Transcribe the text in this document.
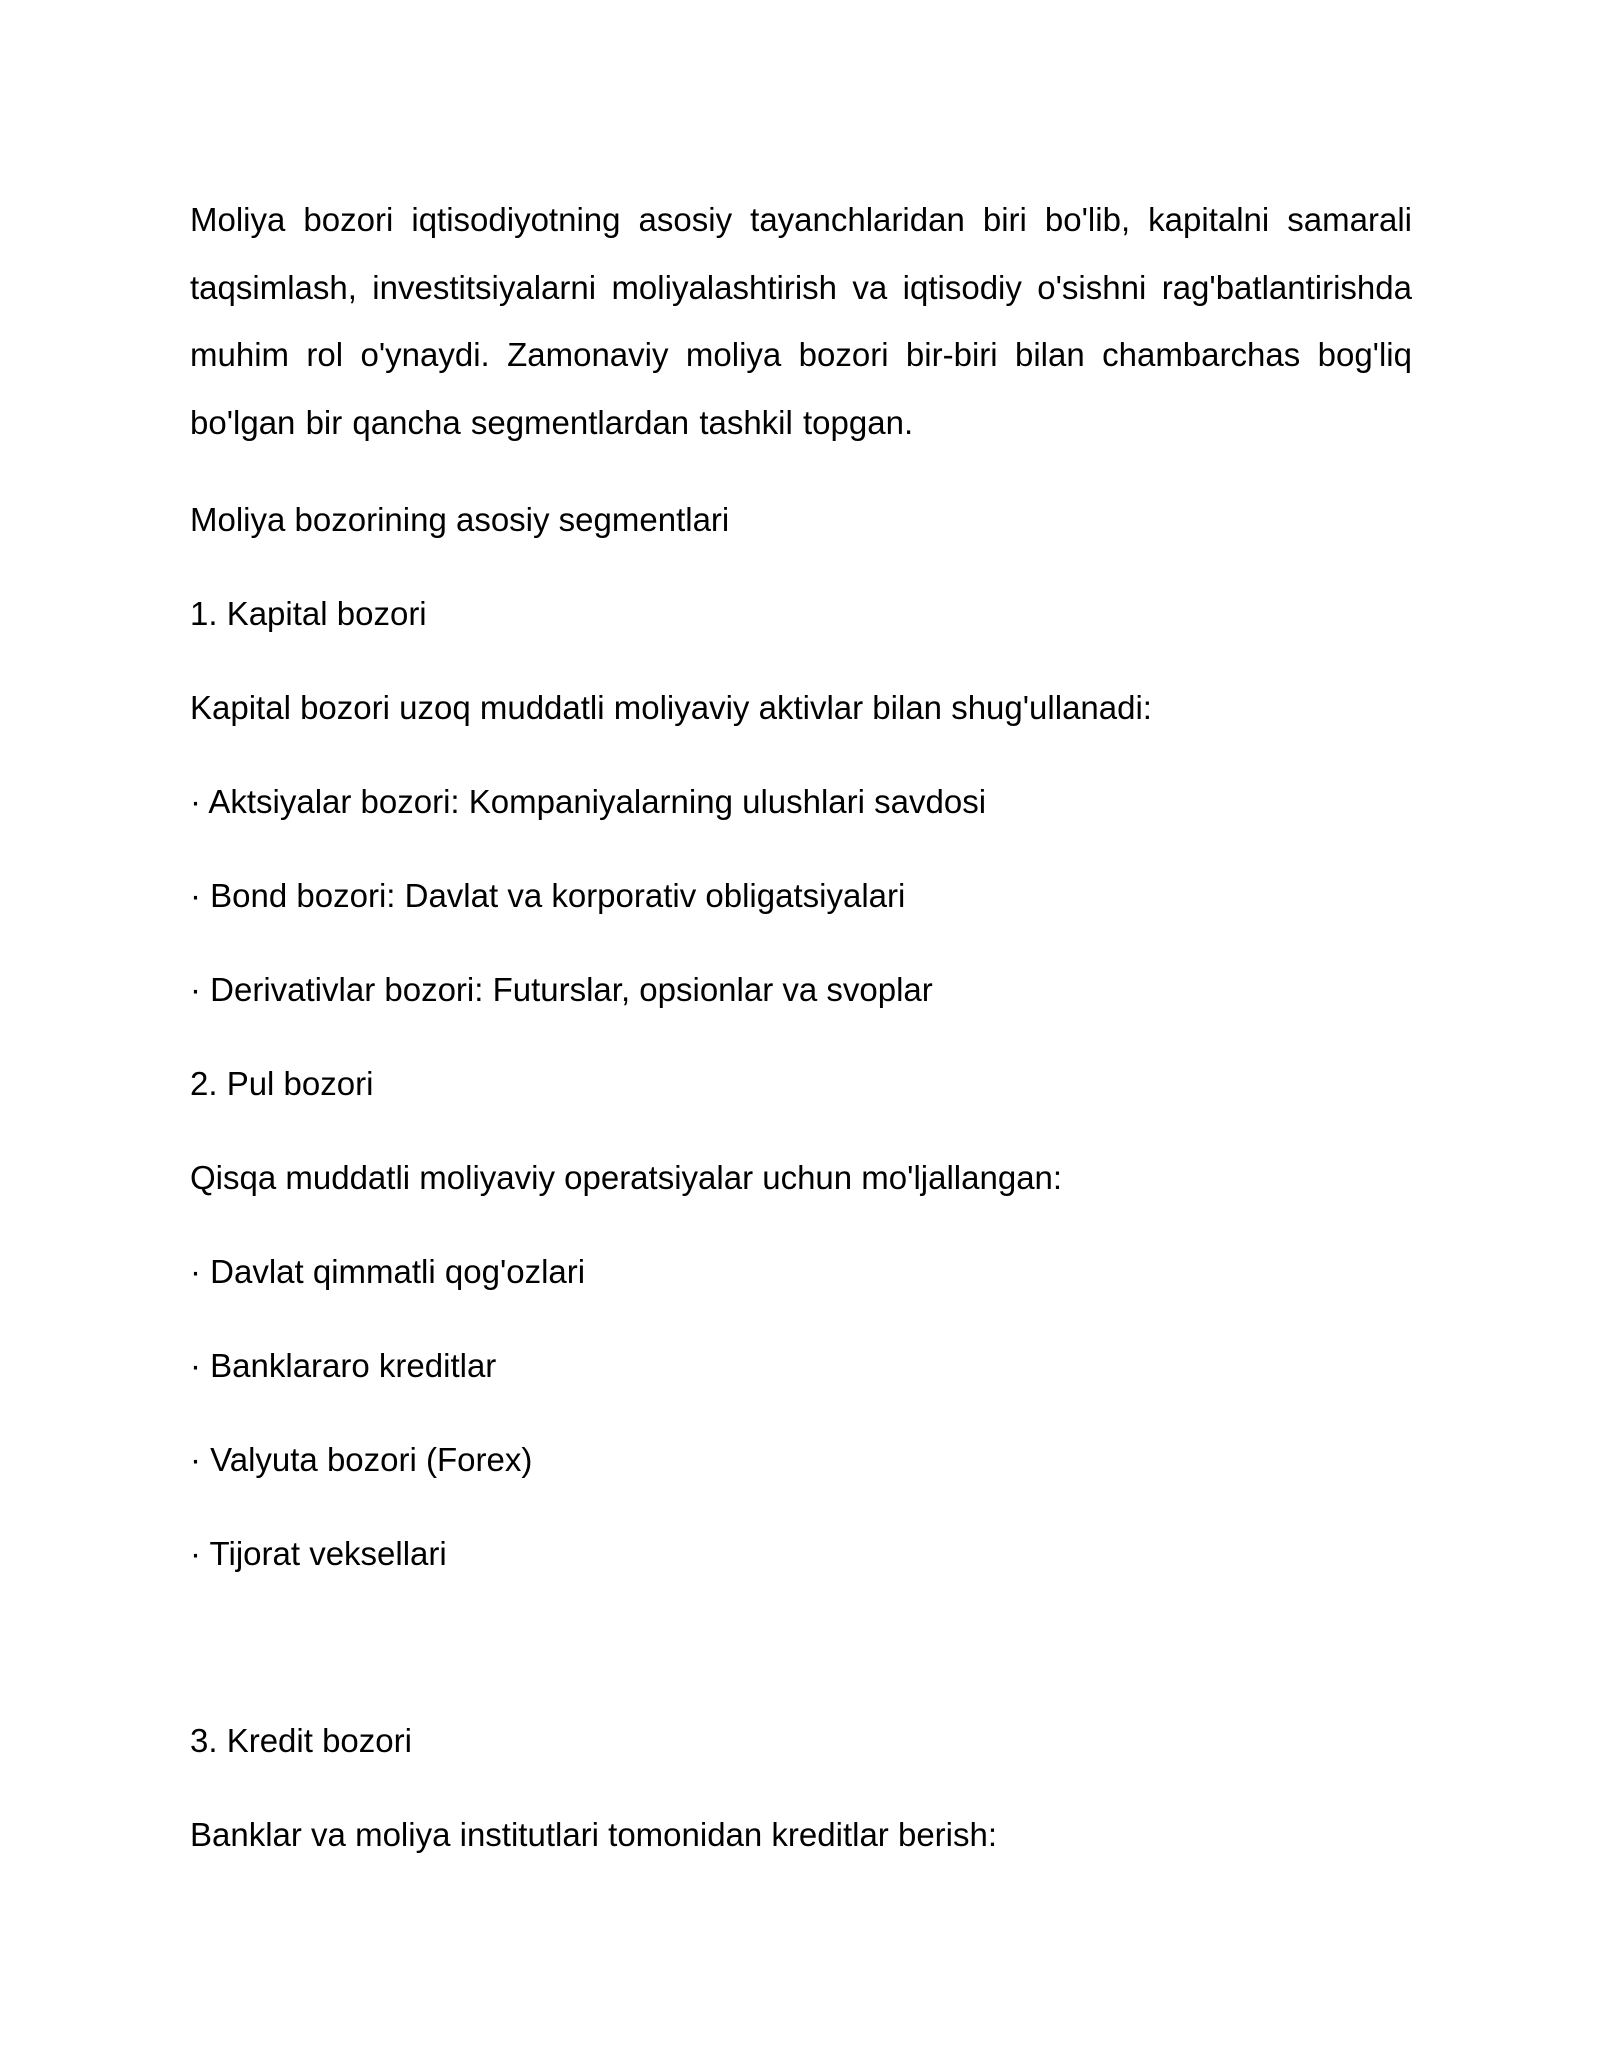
Moliya bozori iqtisodiyotning asosiy tayanchlaridan biri bo'lib, kapitalni samarali taqsimlash, investitsiyalarni moliyalashtirish va iqtisodiy o'sishni rag'batlantirishda muhim rol o'ynaydi. Zamonaviy moliya bozori bir-biri bilan chambarchas bog'liq bo'lgan bir qancha segmentlardan tashkil topgan.

Moliya bozorining asosiy segmentlari

1. Kapital bozori

Kapital bozori uzoq muddatli moliyaviy aktivlar bilan shug'ullanadi:

· Aktsiyalar bozori: Kompaniyalarning ulushlari savdosi

· Bond bozori: Davlat va korporativ obligatsiyalari

· Derivativlar bozori: Futurslar, opsionlar va svoplar

2. Pul bozori

Qisqa muddatli moliyaviy operatsiyalar uchun mo'ljallangan:

· Davlat qimmatli qog'ozlari

· Banklararo kreditlar

· Valyuta bozori (Forex)

· Tijorat veksellari

3. Kredit bozori

Banklar va moliya institutlari tomonidan kreditlar berish:
